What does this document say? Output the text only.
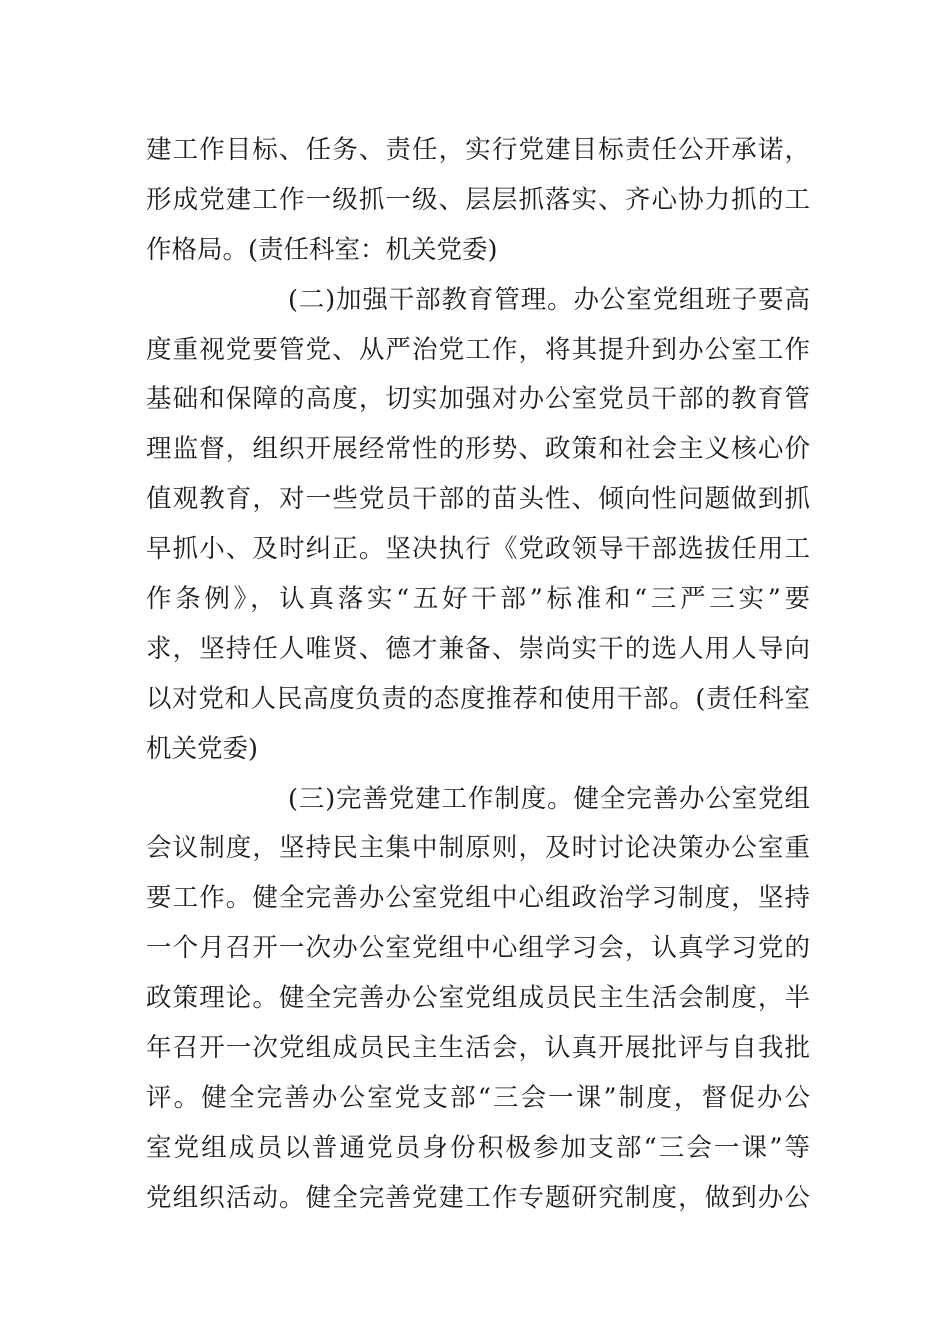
建工作目标、任务、责任，实行党建目标责任公开承诺，
形成党建工作一级抓一级、层层抓落实、齐心协力抓的工
作格局。(责任科室：机关党委)
(二)加强干部教育管理。办公室党组班子要高
度重视党要管党、从严治党工作，将其提升到办公室工作
基础和保障的高度，切实加强对办公室党员干部的教育管
理监督，组织开展经常性的形势、政策和社会主义核心价
值观教育，对一些党员干部的苗头性、倾向性问题做到抓
早抓小、及时纠正。坚决执行《党政领导干部选拔任用工
作条例》，认真落实“五好干部”标准和“三严三实”要
求，坚持任人唯贤、德才兼备、崇尚实干的选人用人导向
以对党和人民高度负责的态度推荐和使用干部。(责任科室
机关党委)
(三)完善党建工作制度。健全完善办公室党组
会议制度，坚持民主集中制原则，及时讨论决策办公室重
要工作。健全完善办公室党组中心组政治学习制度，坚持
一个月召开一次办公室党组中心组学习会，认真学习党的
政策理论。健全完善办公室党组成员民主生活会制度，半
年召开一次党组成员民主生活会，认真开展批评与自我批
评。健全完善办公室党支部“三会一课”制度，督促办公
室党组成员以普通党员身份积极参加支部“三会一课”等
党组织活动。健全完善党建工作专题研究制度，做到办公
